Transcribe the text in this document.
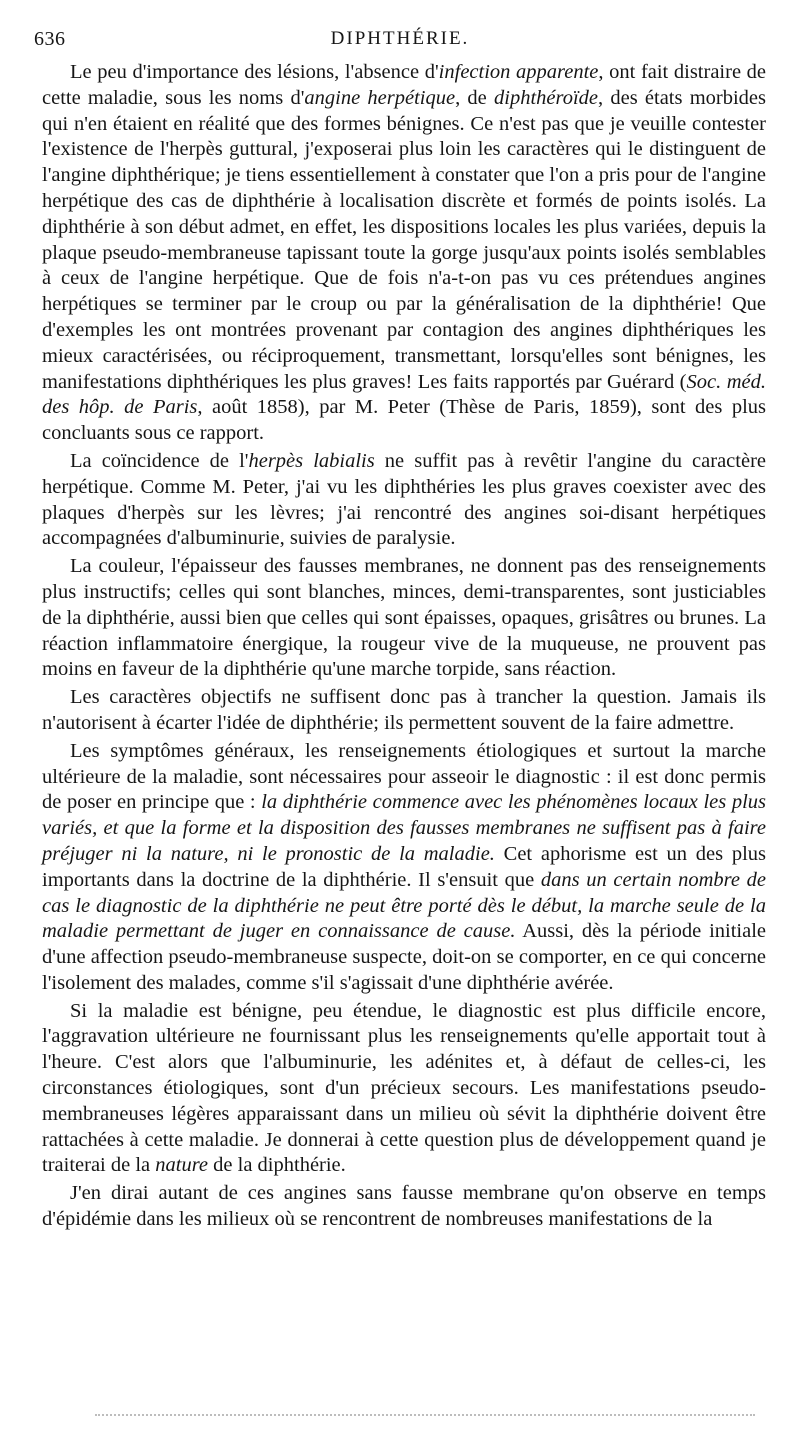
636	DIPHTHÉRIE.

Le peu d'importance des lésions, l'absence d'infection apparente, ont fait distraire de cette maladie, sous les noms d'angine herpétique, de diphthéroïde, des états morbides qui n'en étaient en réalité que des formes bénignes. Ce n'est pas que je veuille contester l'existence de l'herpès guttural, j'exposerai plus loin les caractères qui le distinguent de l'angine diphthérique; je tiens essentiellement à constater que l'on a pris pour de l'angine herpétique des cas de diphthérie à localisation discrète et formés de points isolés. La diphthérie à son début admet, en effet, les dispositions locales les plus variées, depuis la plaque pseudo-membraneuse tapissant toute la gorge jusqu'aux points isolés semblables à ceux de l'angine herpétique. Que de fois n'a-t-on pas vu ces prétendues angines herpétiques se terminer par le croup ou par la généralisation de la diphthérie! Que d'exemples les ont montrées provenant par contagion des angines diphthériques les mieux caractérisées, ou réciproquement, transmettant, lorsqu'elles sont bénignes, les manifestations diphthériques les plus graves! Les faits rapportés par Guérard (Soc. méd. des hôp. de Paris, août 1858), par M. Peter (Thèse de Paris, 1859), sont des plus concluants sous ce rapport.

La coïncidence de l'herpès labialis ne suffit pas à revêtir l'angine du caractère herpétique. Comme M. Peter, j'ai vu les diphthéries les plus graves coexister avec des plaques d'herpès sur les lèvres; j'ai rencontré des angines soi-disant herpétiques accompagnées d'albuminurie, suivies de paralysie.

La couleur, l'épaisseur des fausses membranes, ne donnent pas des renseignements plus instructifs; celles qui sont blanches, minces, demi-transparentes, sont justiciables de la diphthérie, aussi bien que celles qui sont épaisses, opaques, grisâtres ou brunes. La réaction inflammatoire énergique, la rougeur vive de la muqueuse, ne prouvent pas moins en faveur de la diphthérie qu'une marche torpide, sans réaction.

Les caractères objectifs ne suffisent donc pas à trancher la question. Jamais ils n'autorisent à écarter l'idée de diphthérie; ils permettent souvent de la faire admettre.

Les symptômes généraux, les renseignements étiologiques et surtout la marche ultérieure de la maladie, sont nécessaires pour asseoir le diagnostic : il est donc permis de poser en principe que : la diphthérie commence avec les phénomènes locaux les plus variés, et que la forme et la disposition des fausses membranes ne suffisent pas à faire préjuger ni la nature, ni le pronostic de la maladie. Cet aphorisme est un des plus importants dans la doctrine de la diphthérie. Il s'ensuit que dans un certain nombre de cas le diagnostic de la diphthérie ne peut être porté dès le début, la marche seule de la maladie permettant de juger en connaissance de cause. Aussi, dès la période initiale d'une affection pseudo-membraneuse suspecte, doit-on se comporter, en ce qui concerne l'isolement des malades, comme s'il s'agissait d'une diphthérie avérée.

Si la maladie est bénigne, peu étendue, le diagnostic est plus difficile encore, l'aggravation ultérieure ne fournissant plus les renseignements qu'elle apportait tout à l'heure. C'est alors que l'albuminurie, les adénites et, à défaut de celles-ci, les circonstances étiologiques, sont d'un précieux secours. Les manifestations pseudo-membraneuses légères apparaissant dans un milieu où sévit la diphthérie doivent être rattachées à cette maladie. Je donnerai à cette question plus de développement quand je traiterai de la nature de la diphthérie.

J'en dirai autant de ces angines sans fausse membrane qu'on observe en temps d'épidémie dans les milieux où se rencontrent de nombreuses manifestations de la
